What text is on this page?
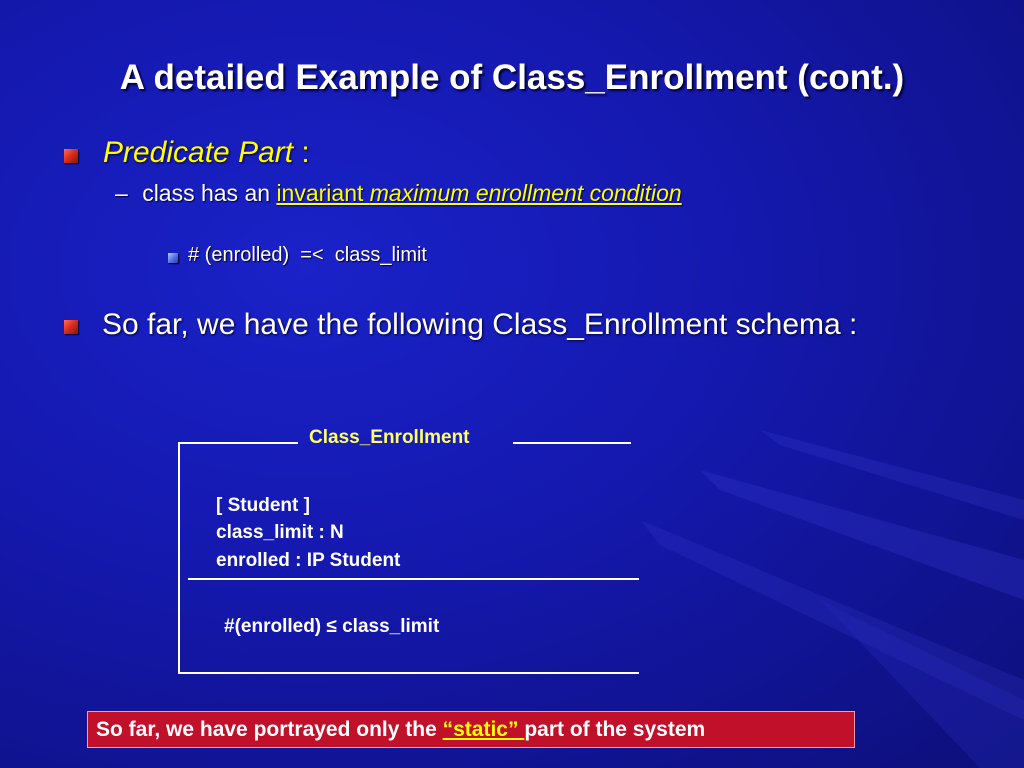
A detailed Example of Class_Enrollment (cont.)
Predicate Part :
– class has an invariant maximum enrollment condition
# (enrolled)  =<  class_limit
So far, we have the following Class_Enrollment schema :
Class_Enrollment
[ Student ]
class_limit : N
enrolled : IP Student
#(enrolled) ≤ class_limit
So far, we have portrayed only the “static” part of the system
